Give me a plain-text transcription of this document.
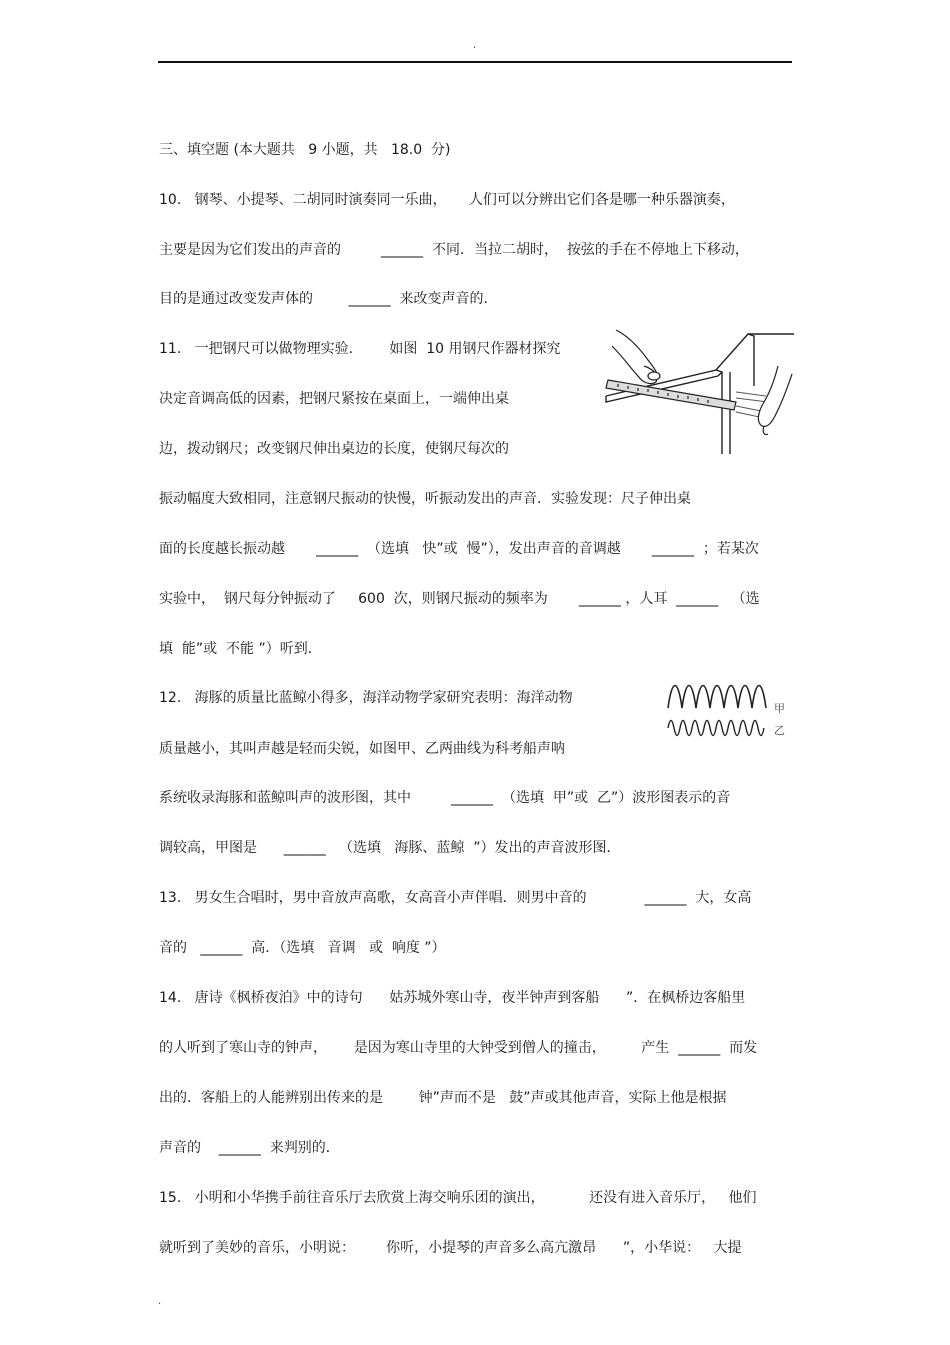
.
三、填空题 (本大题共   9 小题，共   18.0  分)
10.   钢琴、小提琴、二胡同时演奏同一乐曲，     人们可以分辨出它们各是哪一种乐器演奏，
主要是因为它们发出的声音的         ______  不同．当拉二胡时，  按弦的手在不停地上下移动，
目的是通过改变发声体的        ______  来改变声音的．
11.   一把钢尺可以做物理实验．      如图  10 用钢尺作器材探究
决定音调高低的因素，把钢尺紧按在桌面上，一端伸出桌
边，拨动钢尺；改变钢尺伸出桌边的长度，使钢尺每次的
振动幅度大致相同，注意钢尺振动的快慢，听振动发出的声音．实验发现：尺子伸出桌
面的长度越长振动越       ______  （选填   快”或  慢”），发出声音的音调越       ______  ；若某次
实验中，  钢尺每分钟振动了     600  次，则钢尺振动的频率为       ______ ，人耳  ______   （选
填  能”或  不能 ”）听到．
12.   海豚的质量比蓝鲸小得多，海洋动物学家研究表明：海洋动物
质量越小，其叫声越是轻而尖锐，如图甲、乙两曲线为科考船声呐
系统收录海豚和蓝鲸叫声的波形图，其中         ______  （选填  甲”或  乙”）波形图表示的音
调较高，甲图是      ______   （选填   海豚、蓝鲸  ”）发出的声音波形图．
13.   男女生合唱时，男中音放声高歌，女高音小声伴唱．则男中音的             ______  大，女高
音的   ______  高．（选填   音调   或  响度 ”）
14.   唐诗《枫桥夜泊》中的诗句      姑苏城外寒山寺，夜半钟声到客船      ”．在枫桥边客船里
的人听到了寒山寺的钟声，      是因为寒山寺里的大钟受到僧人的撞击，        产生  ______  而发
出的．客船上的人能辨别出传来的是        钟”声而不是   鼓”声或其他声音，实际上他是根据
声音的    ______  来判别的．
15.   小明和小华携手前往音乐厅去欣赏上海交响乐团的演出，          还没有进入音乐厅，   他们
就听到了美妙的音乐，小明说：       你听，小提琴的声音多么高亢激昂      ”，小华说：   大提
甲
乙
.
